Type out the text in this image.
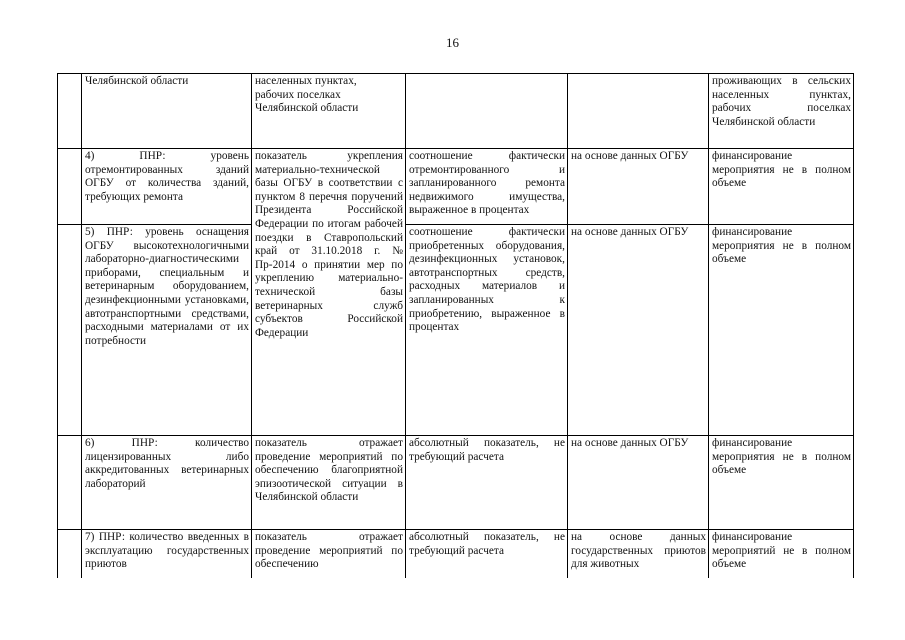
16

	Челябинской области	населенных пунктах,
рабочих поселках
Челябинской области			проживающих в сельских населенных пунктах, рабочих поселках Челябинской области

	4) ПНР: уровень отремонтированных зданий ОГБУ от количества зданий, требующих ремонта	показатель укрепления материально-технической базы ОГБУ в соответствии с пунктом 8 перечня поручений Президента Российской Федерации по итогам рабочей поездки в Ставропольский край от 31.10.2018 г. № Пр-2014 о принятии мер по укреплению материально-технической базы ветеринарных служб субъектов Российской Федерации	соотношение фактически отремонтированного и запланированного ремонта недвижимого имущества, выраженное в процентах	на основе данных ОГБУ	финансирование мероприятия не в полном объеме

	5) ПНР: уровень оснащения ОГБУ высокотехнологичными лабораторно-диагностическими приборами, специальным и ветеринарным оборудованием, дезинфекционными установками, автотранспортными средствами, расходными материалами от их потребности		соотношение фактически приобретенных оборудования, дезинфекционных установок, автотранспортных средств, расходных материалов и запланированных к приобретению, выраженное в процентах	на основе данных ОГБУ	финансирование мероприятия не в полном объеме

	6) ПНР: количество лицензированных либо аккредитованных ветеринарных лабораторий	показатель отражает проведение мероприятий по обеспечению благоприятной эпизоотической ситуации в Челябинской области	абсолютный показатель, не требующий расчета	на основе данных ОГБУ	финансирование мероприятия не в полном объеме

	7) ПНР: количество введенных в эксплуатацию государственных приютов	показатель отражает проведение мероприятий по обеспечению	абсолютный показатель, не требующий расчета	на основе данных государственных приютов для животных	финансирование мероприятий не в полном объеме
